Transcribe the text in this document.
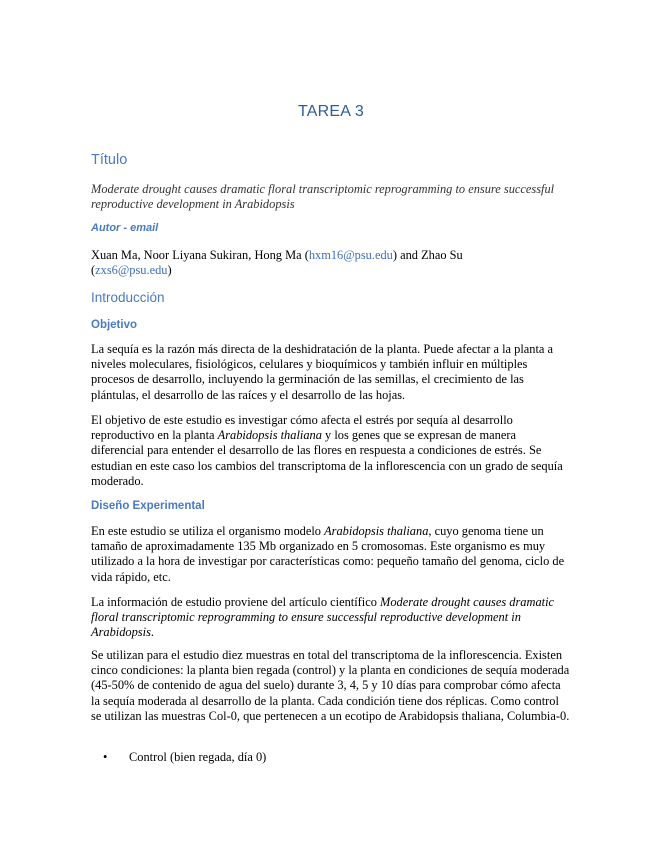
TAREA 3
Título

Moderate drought causes dramatic floral transcriptomic reprogramming to ensure successful reproductive development in Arabidopsis

Autor - email

Xuan Ma, Noor Liyana Sukiran, Hong Ma (hxm16@psu.edu) and Zhao Su
(zxs6@psu.edu)

Introducción
Objetivo

La sequía es la razón más directa de la deshidratación de la planta. Puede afectar a la planta a niveles moleculares, fisiológicos, celulares y bioquímicos y también influir en múltiples procesos de desarrollo, incluyendo la germinación de las semillas, el crecimiento de las plántulas, el desarrollo de las raíces y el desarrollo de las hojas.

El objetivo de este estudio es investigar cómo afecta el estrés por sequía al desarrollo reproductivo en la planta Arabidopsis thaliana y los genes que se expresan de manera diferencial para entender el desarrollo de las flores en respuesta a condiciones de estrés. Se estudian en este caso los cambios del transcriptoma de la inflorescencia con un grado de sequía moderado.

Diseño Experimental

En este estudio se utiliza el organismo modelo Arabidopsis thaliana, cuyo genoma tiene un tamaño de aproximadamente 135 Mb organizado en 5 cromosomas. Este organismo es muy utilizado a la hora de investigar por características como: pequeño tamaño del genoma, ciclo de vida rápido, etc.

La información de estudio proviene del artículo científico Moderate drought causes dramatic floral transcriptomic reprogramming to ensure successful reproductive development in Arabidopsis.

Se utilizan para el estudio diez muestras en total del transcriptoma de la inflorescencia. Existen cinco condiciones: la planta bien regada (control) y la planta en condiciones de sequía moderada (45-50% de contenido de agua del suelo) durante 3, 4, 5 y 10 días para comprobar cómo afecta la sequía moderada al desarrollo de la planta. Cada condición tiene dos réplicas. Como control se utilizan las muestras Col-0, que pertenecen a un ecotipo de Arabidopsis thaliana, Columbia-0.

• Control (bien regada, día 0)
